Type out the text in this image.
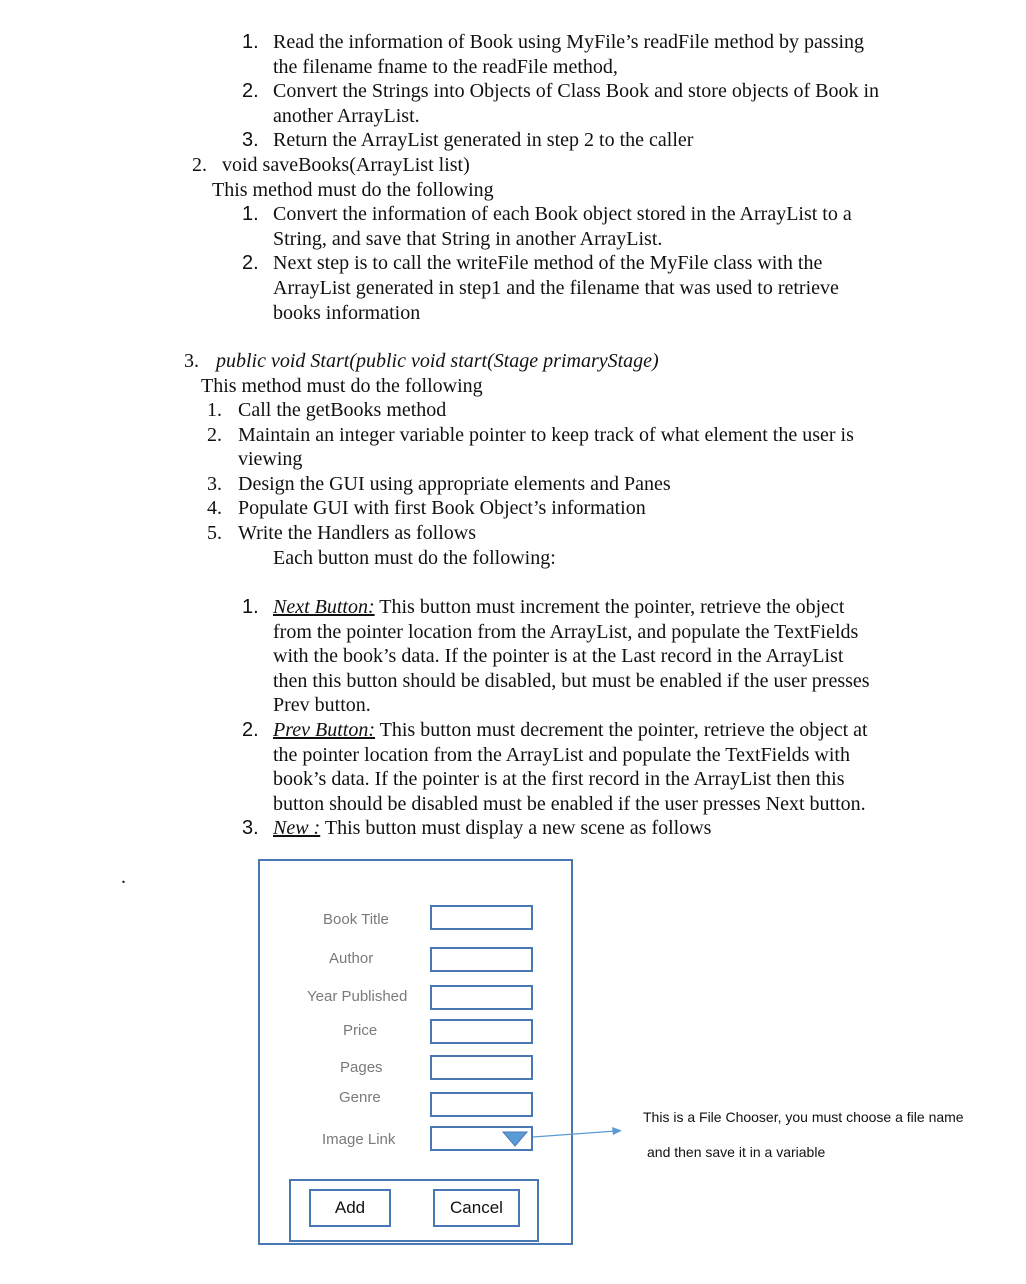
1. Read the information of Book using MyFile’s readFile method by passing
the filename fname to the readFile method,
2. Convert the Strings into Objects of Class Book and store objects of Book in
another ArrayList.
3. Return the ArrayList generated in step 2 to the caller
2. void saveBooks(ArrayList list)
This method must do the following
1. Convert the information of each Book object stored in the ArrayList to a
String, and save that String in another ArrayList.
2. Next step is to call the writeFile method of the MyFile class with the
ArrayList generated in step1 and the filename that was used to retrieve
books information
3. public void Start(public void start(Stage primaryStage)
This method must do the following
1. Call the getBooks method
2. Maintain an integer variable pointer to keep track of what element the user is
viewing
3. Design the GUI using appropriate elements and Panes
4. Populate GUI with first Book Object’s information
5. Write the Handlers as follows
Each button must do the following:
1. Next Button: This button must increment the pointer, retrieve the object
from the pointer location from the ArrayList, and populate the TextFields
with the book’s data. If the pointer is at the Last record in the ArrayList
then this button should be disabled, but must be enabled if the user presses
Prev button.
2. Prev Button: This button must decrement the pointer, retrieve the object at
the pointer location from the ArrayList and populate the TextFields with
book’s data. If the pointer is at the first record in the ArrayList then this
button should be disabled must be enabled if the user presses Next button.
3. New : This button must display a new scene as follows
.
Book Title
Author
Year Published
Price
Pages
Genre
Image Link
This is a File Chooser, you must choose a file name
and then save it in a variable
Add	Cancel
